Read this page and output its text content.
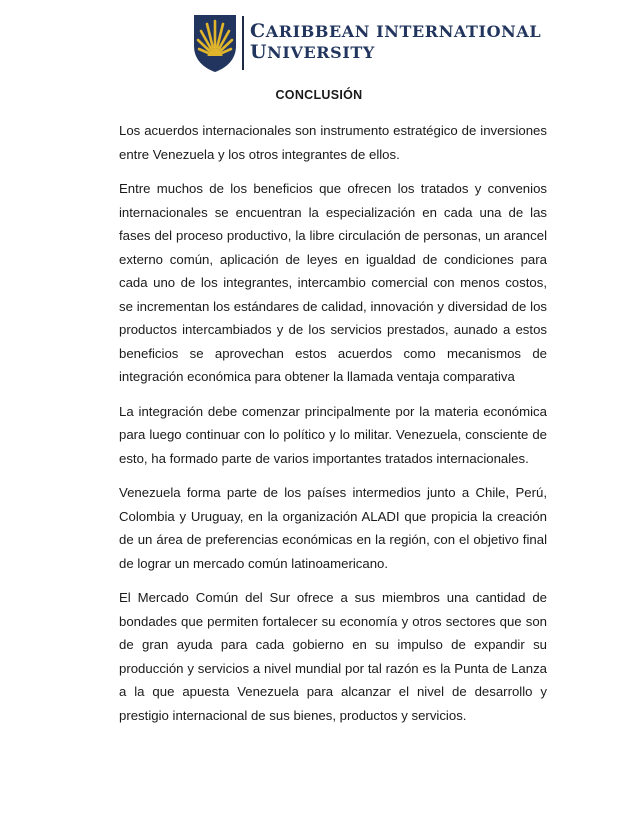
CARIBBEAN INTERNATIONAL
UNIVERSITY
CONCLUSIÓN

Los acuerdos internacionales son instrumento estratégico de inversiones entre Venezuela y los otros integrantes de ellos.

Entre muchos de los beneficios que ofrecen los tratados y convenios internacionales se encuentran la especialización en cada una de las fases del proceso productivo, la libre circulación de personas, un arancel externo común, aplicación de leyes en igualdad de condiciones para cada uno de los integrantes, intercambio comercial con menos costos, se incrementan los estándares de calidad, innovación y diversidad de los productos intercambiados y de los servicios prestados, aunado a estos beneficios se aprovechan estos acuerdos como mecanismos de integración económica para obtener la llamada ventaja comparativa

La integración debe comenzar principalmente por la materia económica para luego continuar con lo político y lo militar. Venezuela, consciente de esto, ha formado parte de varios importantes tratados internacionales.

Venezuela forma parte de los países intermedios junto a Chile, Perú, Colombia y Uruguay, en la organización ALADI que propicia la creación de un área de preferencias económicas en la región, con el objetivo final de lograr un mercado común latinoamericano.

El Mercado Común del Sur ofrece a sus miembros una cantidad de bondades que permiten fortalecer su economía y otros sectores que son de gran ayuda para cada gobierno en su impulso de expandir su producción y servicios a nivel mundial por tal razón es la Punta de Lanza a la que apuesta Venezuela para alcanzar el nivel de desarrollo y prestigio internacional de sus bienes, productos y servicios.
